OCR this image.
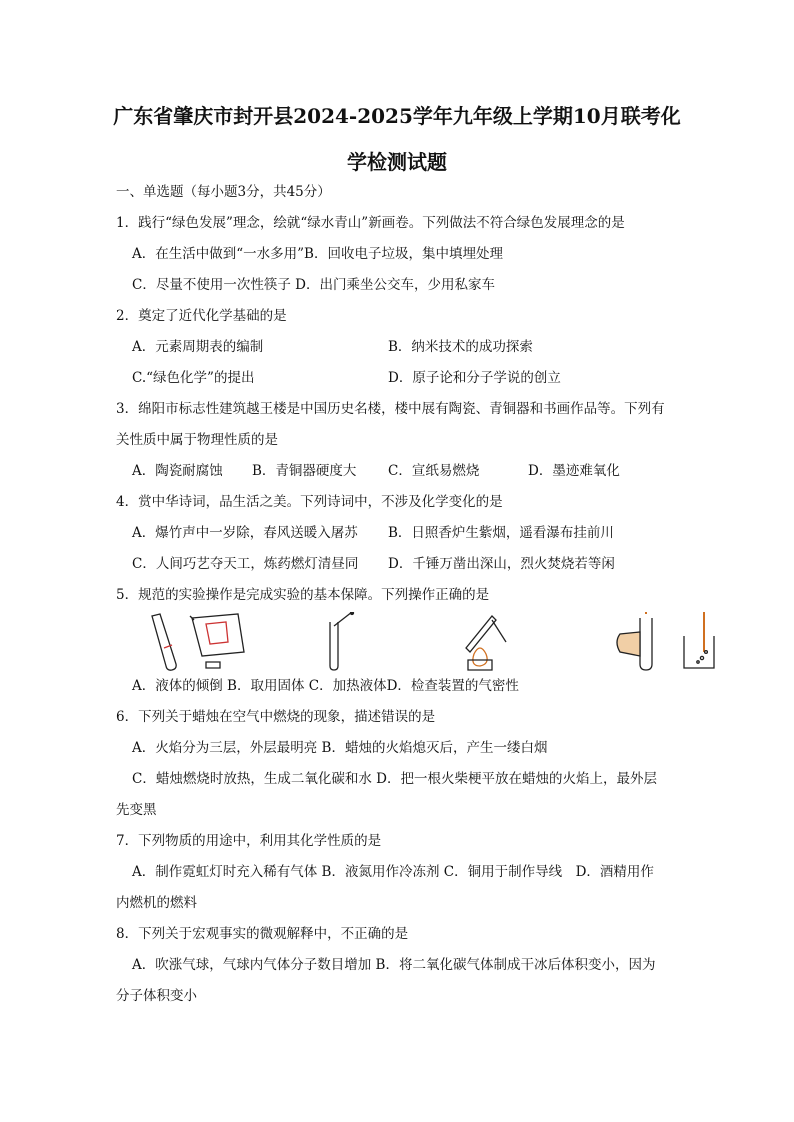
广东省肇庆市封开县2024-2025学年九年级上学期10月联考化
学检测试题
一、单选题（每小题3分，共45分）
1．践行“绿色发展”理念，绘就“绿水青山”新画卷。下列做法不符合绿色发展理念的是
A．在生活中做到“一水多用”B．回收电子垃圾，集中填埋处理
C．尽量不使用一次性筷子 D．出门乘坐公交车，少用私家车
2．奠定了近代化学基础的是
A．元素周期表的编制	B．纳米技术的成功探索
C.“绿色化学”的提出	D．原子论和分子学说的创立
3．绵阳市标志性建筑越王楼是中国历史名楼，楼中展有陶瓷、青铜器和书画作品等。下列有
关性质中属于物理性质的是
A．陶瓷耐腐蚀	B．青铜器硬度大	C．宣纸易燃烧	D．墨迹难氧化
4．赏中华诗词，品生活之美。下列诗词中，不涉及化学变化的是
A．爆竹声中一岁除，春风送暖入屠苏	B．日照香炉生紫烟，遥看瀑布挂前川
C．人间巧艺夺天工，炼药燃灯清昼同	D．千锤万凿出深山，烈火焚烧若等闲
5．规范的实验操作是完成实验的基本保障。下列操作正确的是
A．液体的倾倒 B．取用固体 C．加热液体D．检查装置的气密性
6．下列关于蜡烛在空气中燃烧的现象，描述错误的是
A．火焰分为三层，外层最明亮 B．蜡烛的火焰熄灭后，产生一缕白烟
C．蜡烛燃烧时放热，生成二氧化碳和水 D．把一根火柴梗平放在蜡烛的火焰上，最外层
先变黑
7．下列物质的用途中，利用其化学性质的是
A．制作霓虹灯时充入稀有气体 B．液氮用作冷冻剂 C．铜用于制作导线　D．酒精用作
内燃机的燃料
8．下列关于宏观事实的微观解释中，不正确的是
A．吹涨气球，气球内气体分子数目增加 B．将二氧化碳气体制成干冰后体积变小，因为
分子体积变小
